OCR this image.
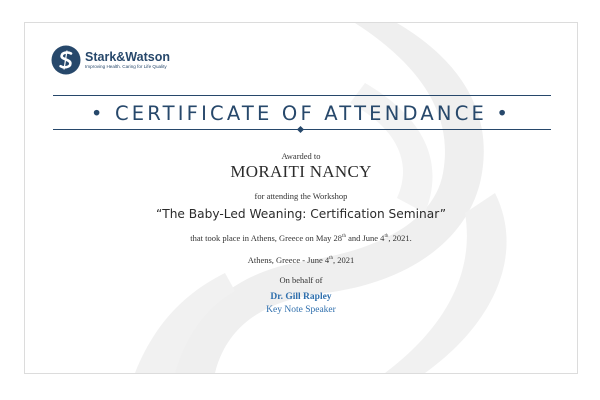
Stark&Watson
Improving Health. Caring for Life Quality
• CERTIFICATE OF ATTENDANCE •
Awarded to
MORAITI NANCY
for attending the Workshop
“The Baby-Led Weaning: Certification Seminar”
that took place in Athens, Greece on May 28th and June 4th, 2021.
Athens, Greece - June 4th, 2021
On behalf of
Dr. Gill Rapley
Key Note Speaker
